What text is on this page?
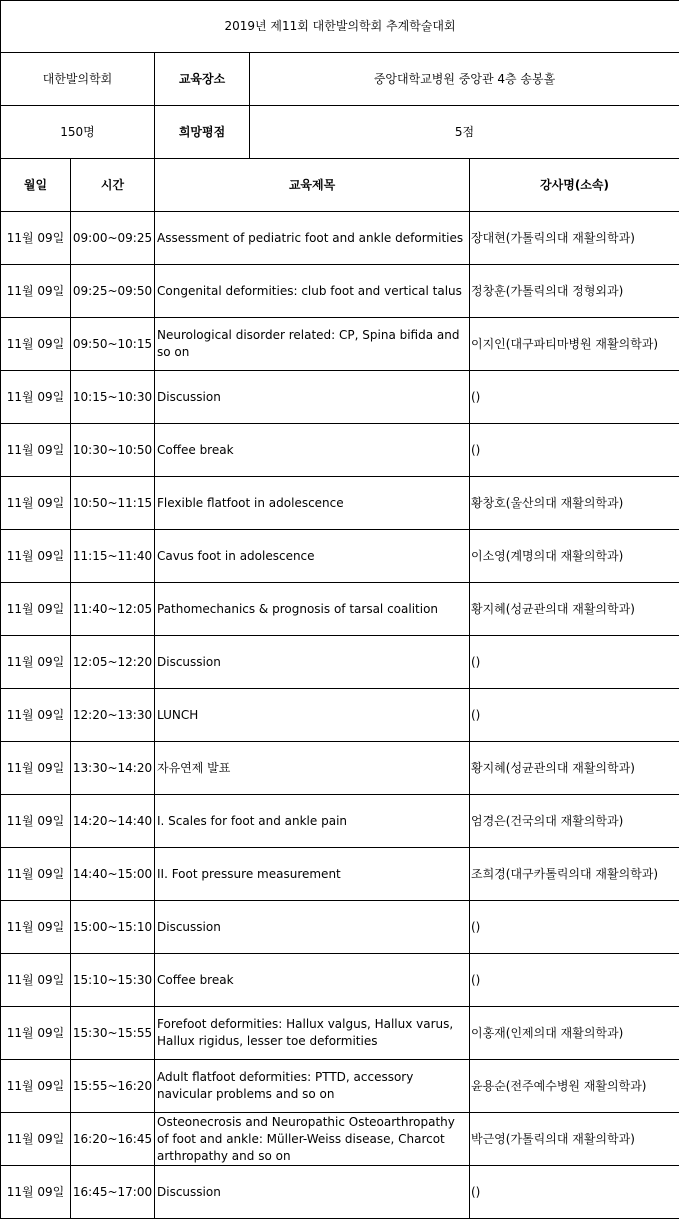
2019년 제11회 대한발의학회 추계학술대회				
대한발의학회		교육장소	중앙대학교병원 중앙관 4층 송봉홀	
150명		희망평점	5점	
월일	시간	교육제목		강사명(소속)
11월 09일	09:00~09:25	Assessment of pediatric foot and ankle deformities		장대현(가톨릭의대 재활의학과)
11월 09일	09:25~09:50	Congenital deformities: club foot and vertical talus		정창훈(가톨릭의대 정형외과)
11월 09일	09:50~10:15	Neurological disorder related: CP, Spina bifida and so on		이지인(대구파티마병원 재활의학과)
11월 09일	10:15~10:30	Discussion		()
11월 09일	10:30~10:50	Coffee break		()
11월 09일	10:50~11:15	Flexible flatfoot in adolescence		황창호(울산의대 재활의학과)
11월 09일	11:15~11:40	Cavus foot in adolescence		이소영(계명의대 재활의학과)
11월 09일	11:40~12:05	Pathomechanics & prognosis of tarsal coalition		황지혜(성균관의대 재활의학과)
11월 09일	12:05~12:20	Discussion		()
11월 09일	12:20~13:30	LUNCH		()
11월 09일	13:30~14:20	자유연제 발표		황지혜(성균관의대 재활의학과)
11월 09일	14:20~14:40	I. Scales for foot and ankle pain		엄경은(건국의대 재활의학과)
11월 09일	14:40~15:00	II. Foot pressure measurement		조희경(대구카톨릭의대 재활의학과)
11월 09일	15:00~15:10	Discussion		()
11월 09일	15:10~15:30	Coffee break		()
11월 09일	15:30~15:55	Forefoot deformities: Hallux valgus, Hallux varus, Hallux rigidus, lesser toe deformities		이홍재(인제의대 재활의학과)
11월 09일	15:55~16:20	Adult flatfoot deformities: PTTD, accessory navicular problems and so on		윤용순(전주예수병원 재활의학과)
11월 09일	16:20~16:45	Osteonecrosis and Neuropathic Osteoarthropathy of foot and ankle: Müller-Weiss disease, Charcot arthropathy and so on		박근영(가톨릭의대 재활의학과)
11월 09일	16:45~17:00	Discussion		()
